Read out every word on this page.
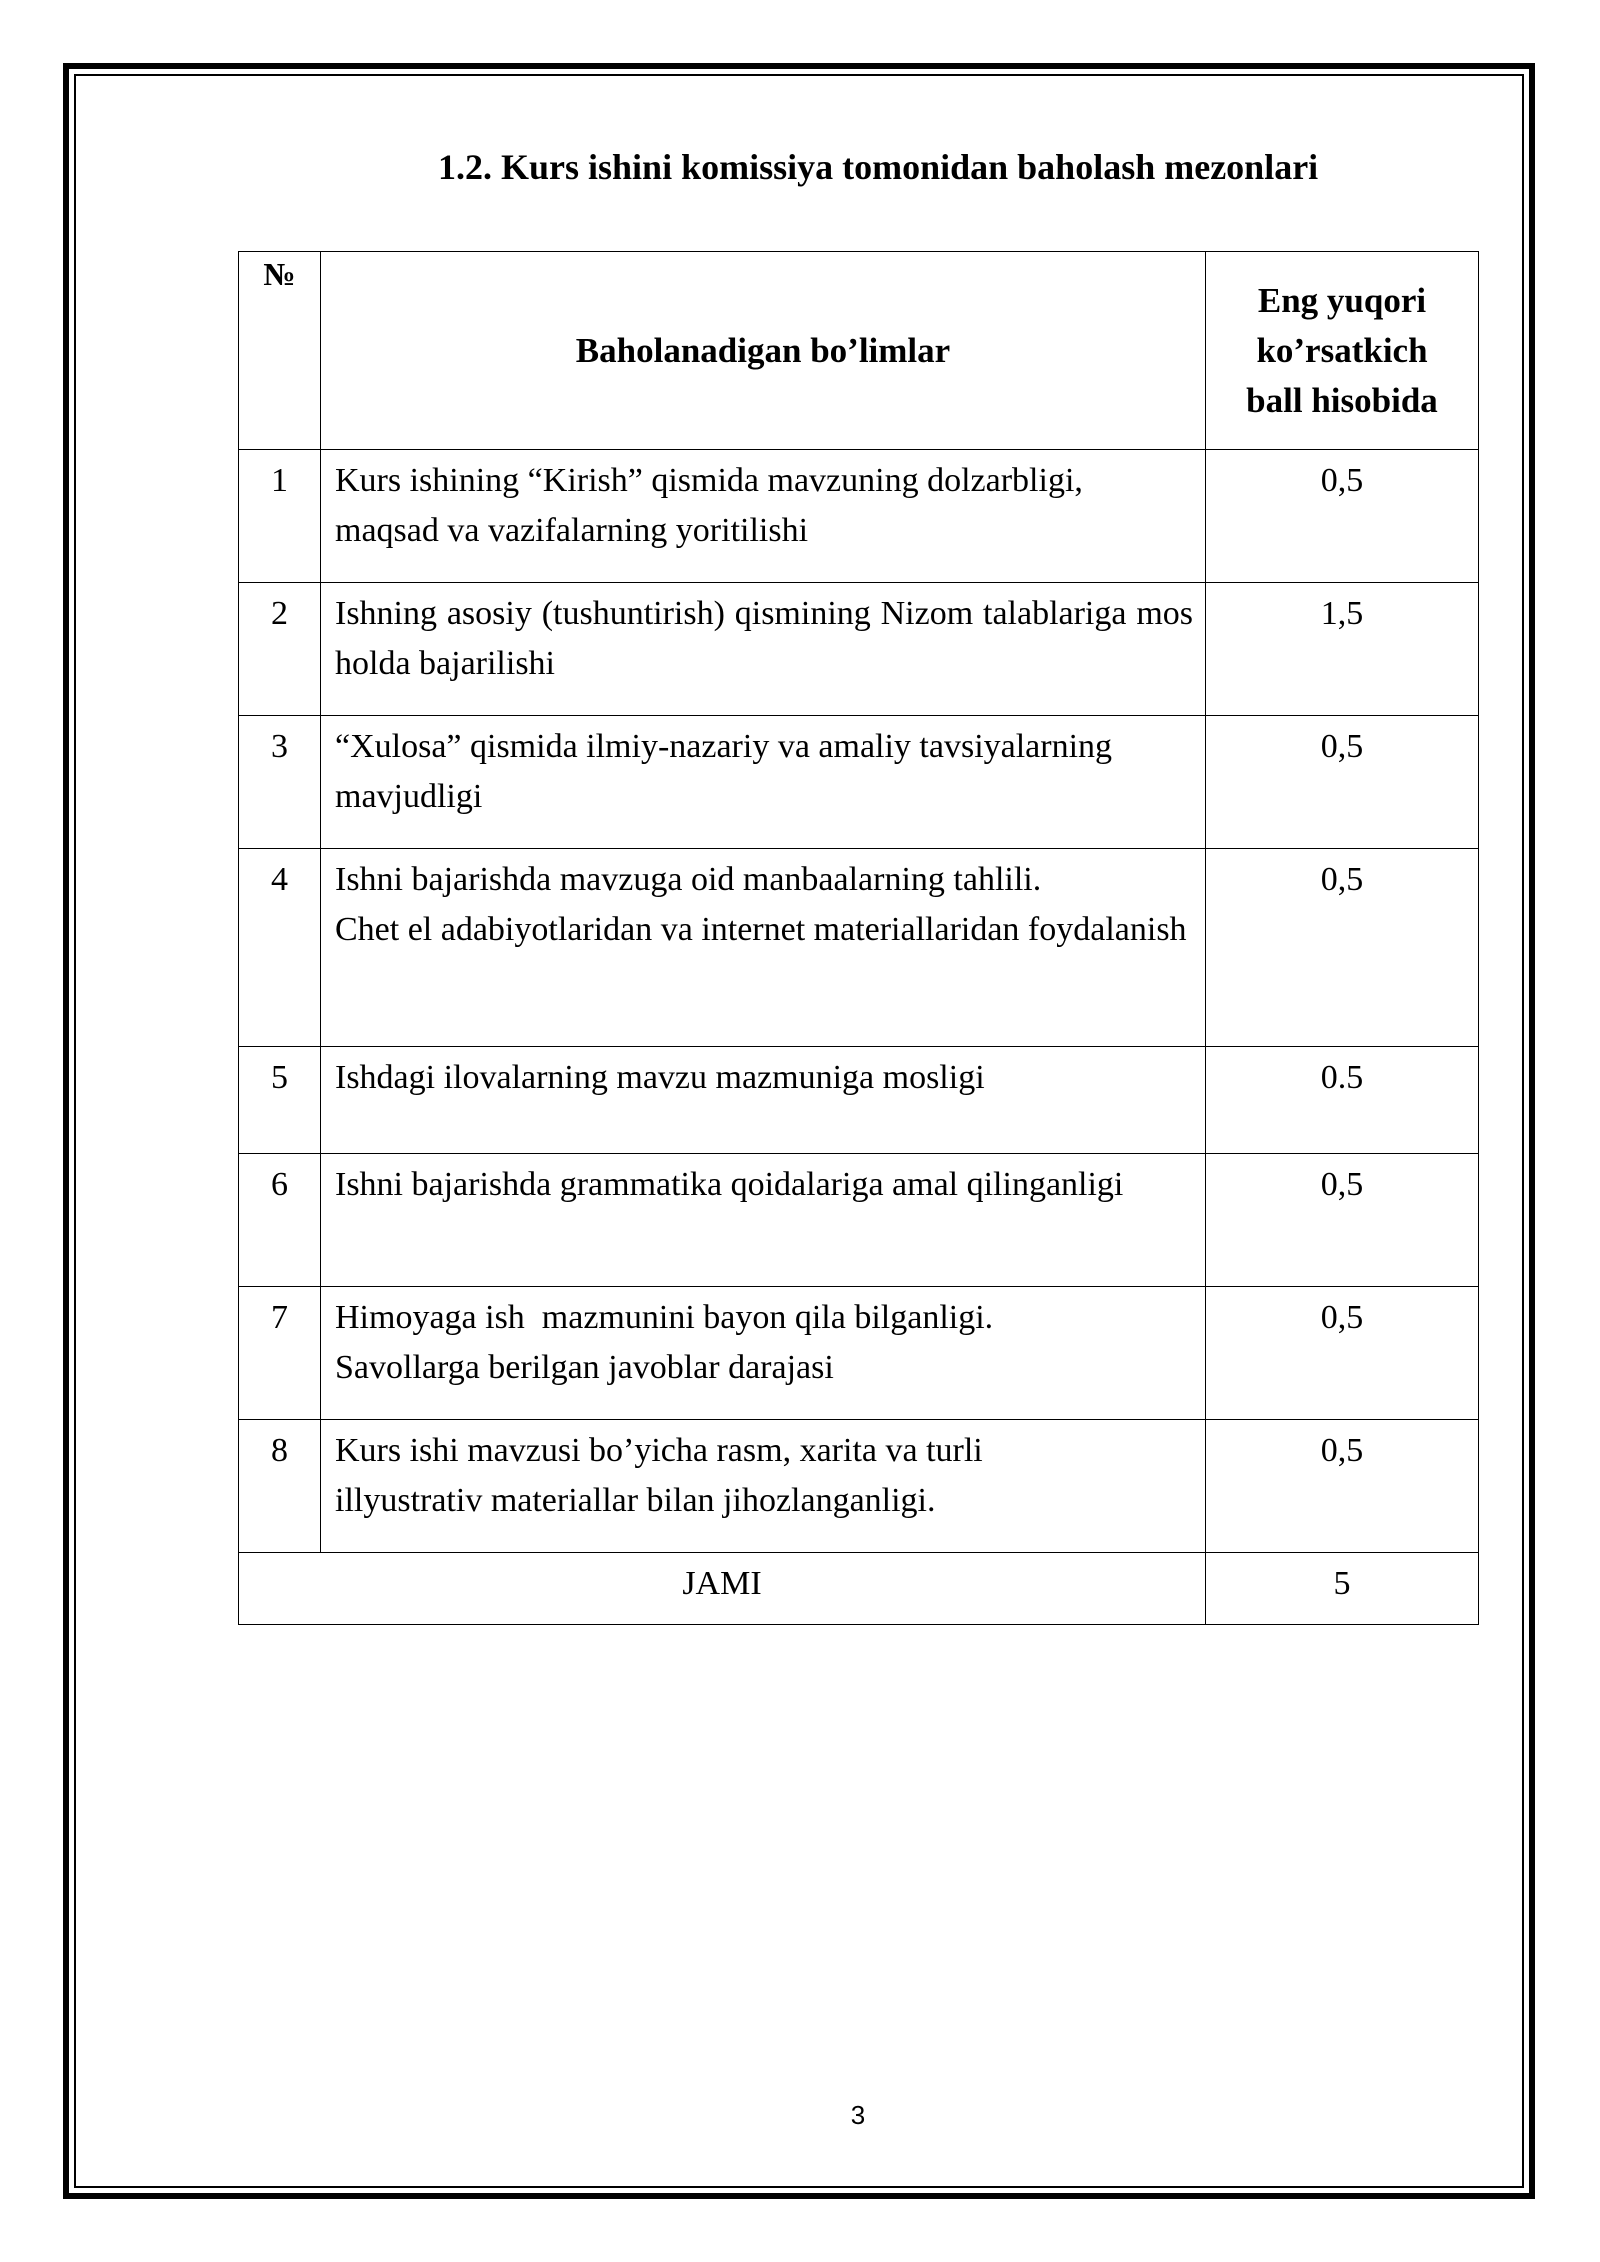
1.2. Kurs ishini komissiya tomonidan baholash mezonlari
№	Baholanadigan bo’limlar	Eng yuqori
ko’rsatkich
ball hisobida

1	Kurs ishining “Kirish” qismida mavzuning dolzarbligi, maqsad va vazifalarning yoritilishi	0,5
2	Ishning asosiy (tushuntirish) qismining Nizom talablariga mos holda bajarilishi	1,5
3	“Xulosa” qismida ilmiy-nazariy va amaliy tavsiyalarning mavjudligi	0,5
4	Ishni bajarishda mavzuga oid manbaalarning tahlili.
Chet el adabiyotlaridan va internet materiallaridan foydalanish	0,5
5	Ishdagi ilovalarning mavzu mazmuniga mosligi	0.5
6	Ishni bajarishda grammatika qoidalariga amal qilinganligi	0,5
7	Himoyaga ish  mazmunini bayon qila bilganligi.
Savollarga berilgan javoblar darajasi	0,5
8	Kurs ishi mavzusi bo’yicha rasm, xarita va turli
illyustrativ materiallar bilan jihozlanganligi.	0,5
JAMI		5
3
